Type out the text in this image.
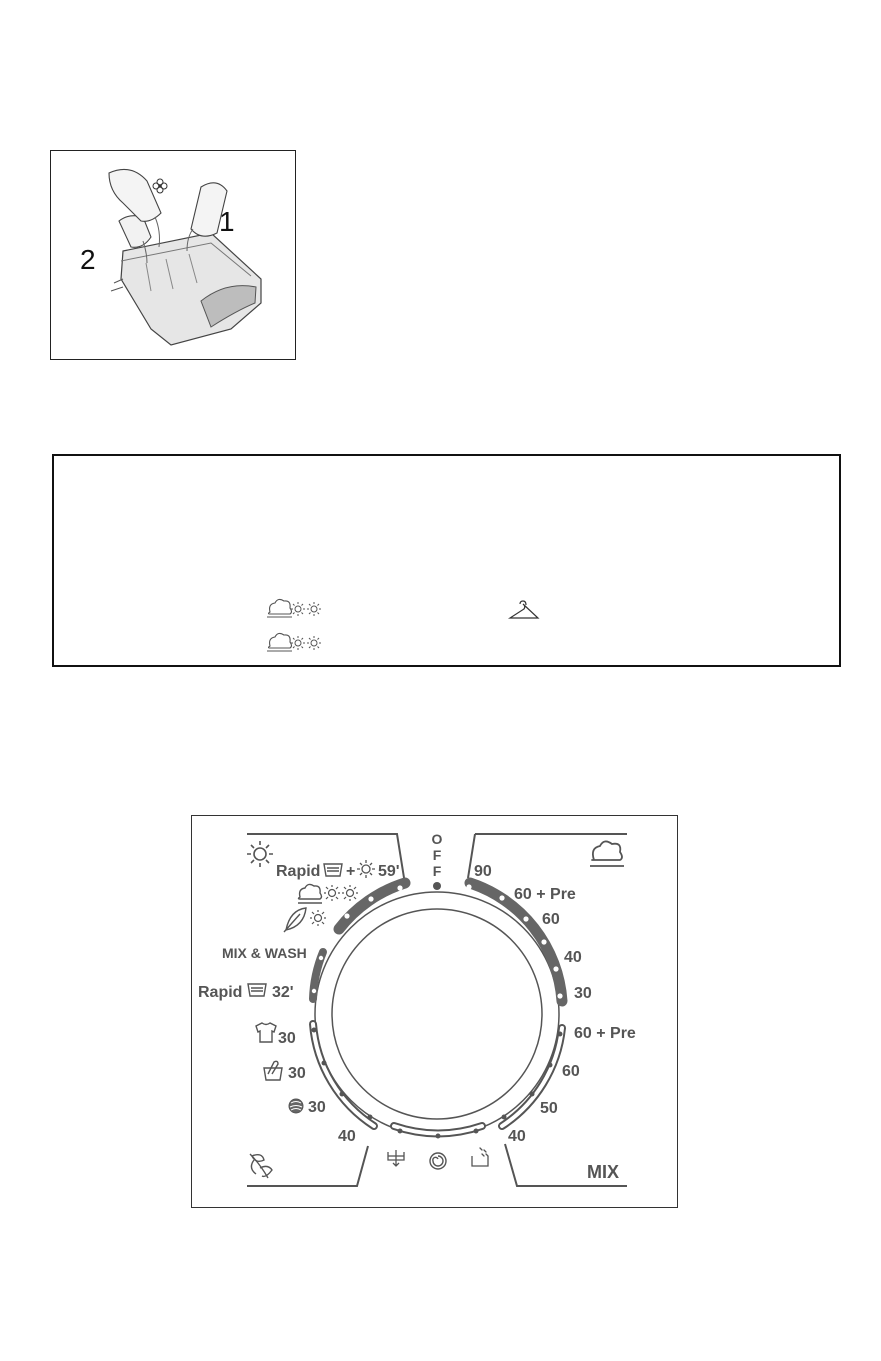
1
2
O
F
F
Rapid + 59'
MIX & WASH
Rapid 32'
30
30
30
40
90
60 + Pre
60
40
30
60 + Pre
60
50
40
MIX
